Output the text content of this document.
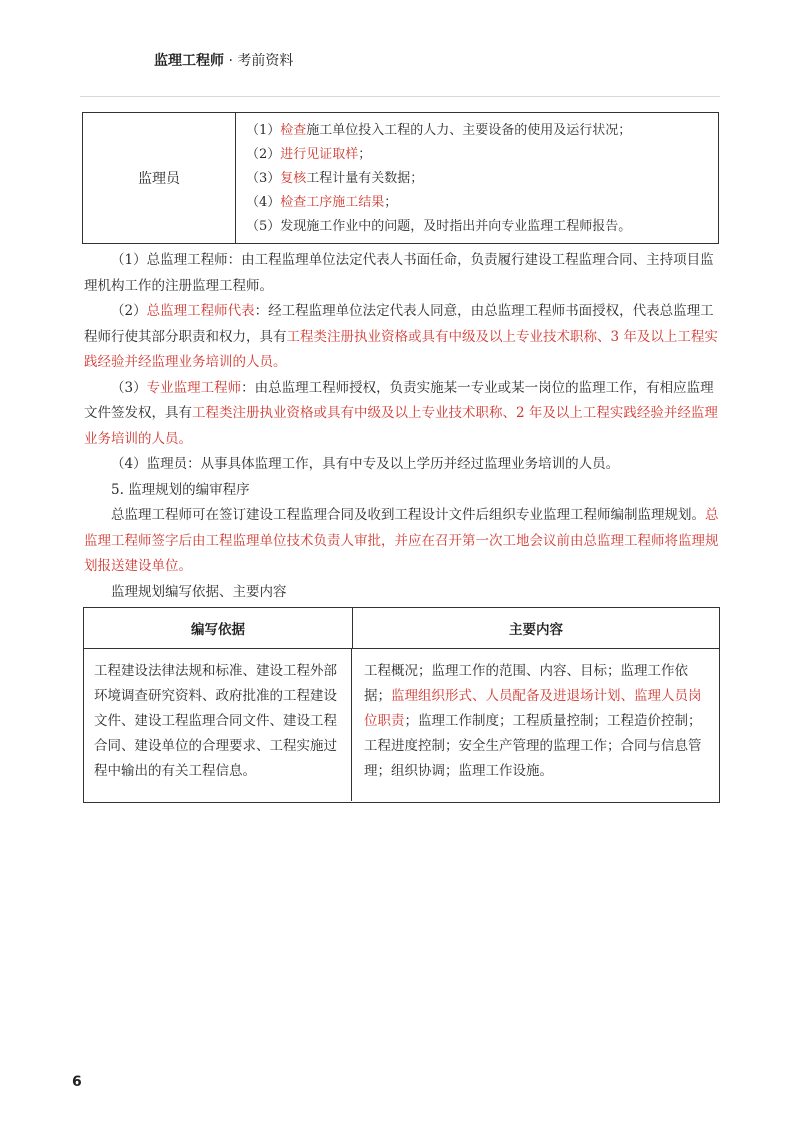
监理工程师 · 考前资料
监理员
（1）检查施工单位投入工程的人力、主要设备的使用及运行状况；
（2）进行见证取样；
（3）复核工程计量有关数据；
（4）检查工序施工结果；
（5）发现施工作业中的问题，及时指出并向专业监理工程师报告。

（1）总监理工程师：由工程监理单位法定代表人书面任命，负责履行建设工程监理合同、主持项目监理机构工作的注册监理工程师。

（2）总监理工程师代表：经工程监理单位法定代表人同意，由总监理工程师书面授权，代表总监理工程师行使其部分职责和权力，具有工程类注册执业资格或具有中级及以上专业技术职称、3 年及以上工程实践经验并经监理业务培训的人员。

（3）专业监理工程师：由总监理工程师授权，负责实施某一专业或某一岗位的监理工作，有相应监理文件签发权，具有工程类注册执业资格或具有中级及以上专业技术职称、2 年及以上工程实践经验并经监理业务培训的人员。

（4）监理员：从事具体监理工作，具有中专及以上学历并经过监理业务培训的人员。

5. 监理规划的编审程序

总监理工程师可在签订建设工程监理合同及收到工程设计文件后组织专业监理工程师编制监理规划。总监理工程师签字后由工程监理单位技术负责人审批，并应在召开第一次工地会议前由总监理工程师将监理规划报送建设单位。

监理规划编写依据、主要内容

编写依据	主要内容
工程建设法律法规和标准、建设工程外部环境调查研究资料、政府批准的工程建设文件、建设工程监理合同文件、建设工程合同、建设单位的合理要求、工程实施过程中输出的有关工程信息。
工程概况；监理工作的范围、内容、目标；监理工作依据；监理组织形式、人员配备及进退场计划、监理人员岗位职责；监理工作制度；工程质量控制；工程造价控制；工程进度控制；安全生产管理的监理工作；合同与信息管理；组织协调；监理工作设施。
6
